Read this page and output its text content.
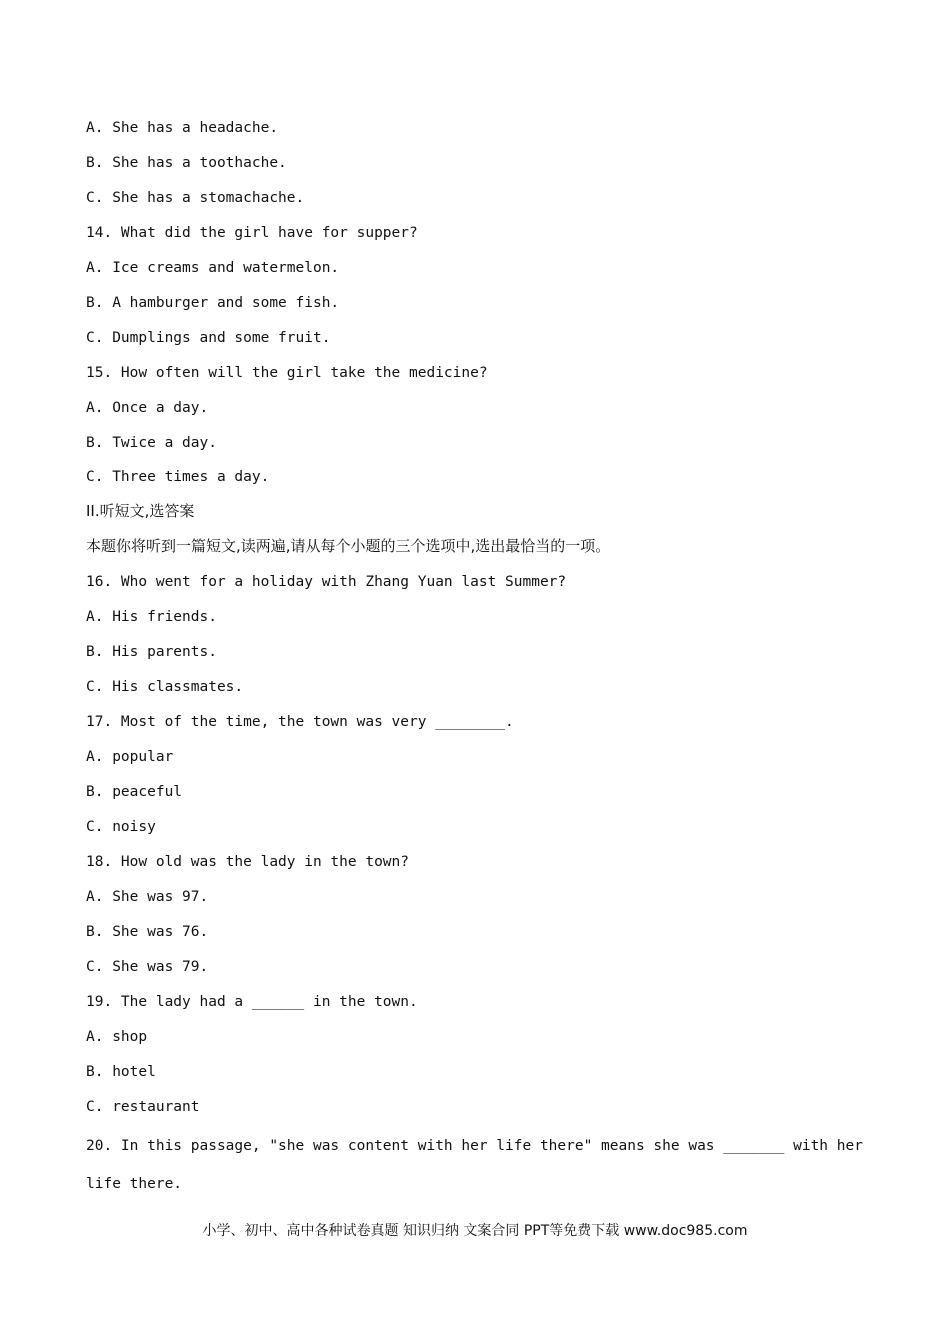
A. She has a headache.
B. She has a toothache.
C. She has a stomachache.
14. What did the girl have for supper?
A. Ice creams and watermelon.
B. A hamburger and some fish.
C. Dumplings and some fruit.
15. How often will the girl take the medicine?
A. Once a day.
B. Twice a day.
C. Three times a day.
II.听短文,选答案
本题你将听到一篇短文,读两遍,请从每个小题的三个选项中,选出最恰当的一项。
16. Who went for a holiday with Zhang Yuan last Summer?
A. His friends.
B. His parents.
C. His classmates.
17. Most of the time, the town was very ________.
A. popular
B. peaceful
C. noisy
18. How old was the lady in the town?
A. She was 97.
B. She was 76.
C. She was 79.
19. The lady had a ______ in the town.
A. shop
B. hotel
C. restaurant
20. In this passage, "she was content with her life there" means she was _______ with her life there.
小学、初中、高中各种试卷真题 知识归纳 文案合同 PPT等免费下载 www.doc985.com
